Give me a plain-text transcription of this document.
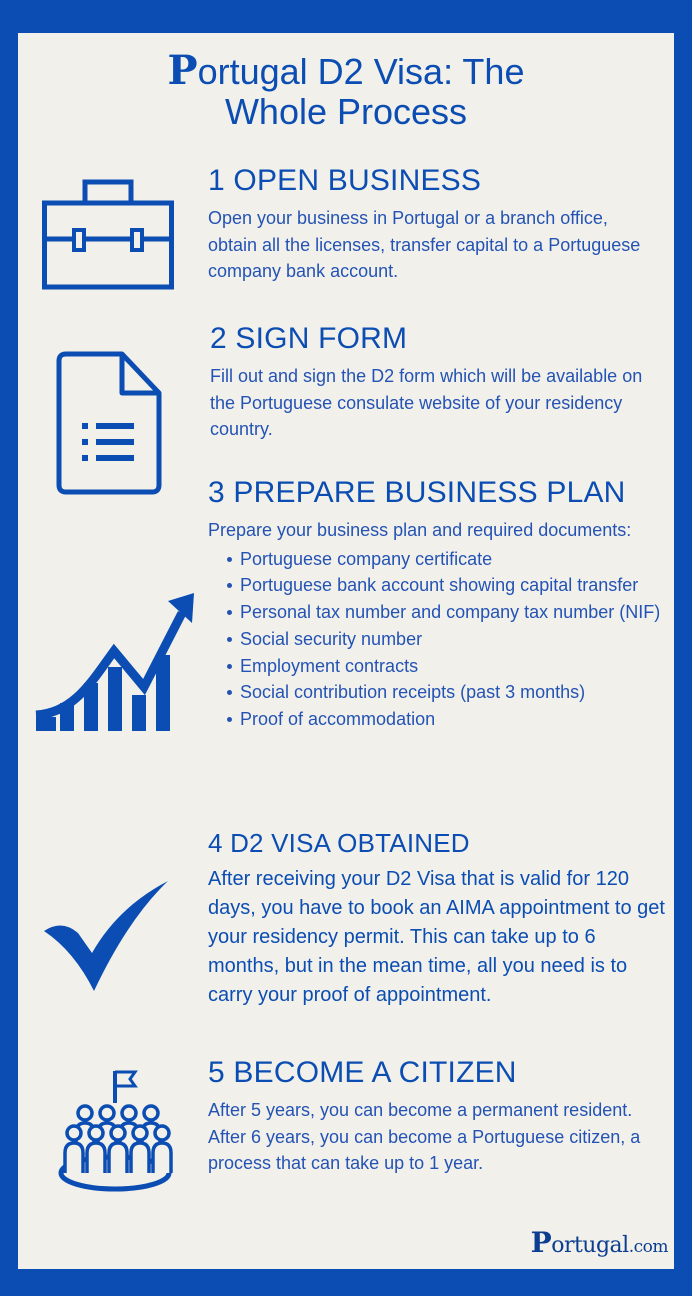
Portugal D2 Visa: The
Whole Process
1 OPEN BUSINESS

Open your business in Portugal or a branch office, obtain all the licenses, transfer capital to a Portuguese company bank account.

2 SIGN FORM

Fill out and sign the D2 form which will be available on the Portuguese consulate website of your residency country.

3 PREPARE BUSINESS PLAN

Prepare your business plan and required documents:

Portuguese company certificate
Portuguese bank account showing capital transfer
Personal tax number and company tax number (NIF)
Social security number
Employment contracts
Social contribution receipts (past 3 months)
Proof of accommodation
4 D2 VISA OBTAINED

After receiving your D2 Visa that is valid for 120 days, you have to book an AIMA appointment to get your residency permit. This can take up to 6 months, but in the mean time, all you need is to carry your proof of appointment.

5 BECOME A CITIZEN

After 5 years, you can become a permanent resident. After 6 years, you can become a Portuguese citizen, a process that can take up to 1 year.

Portugal.com
